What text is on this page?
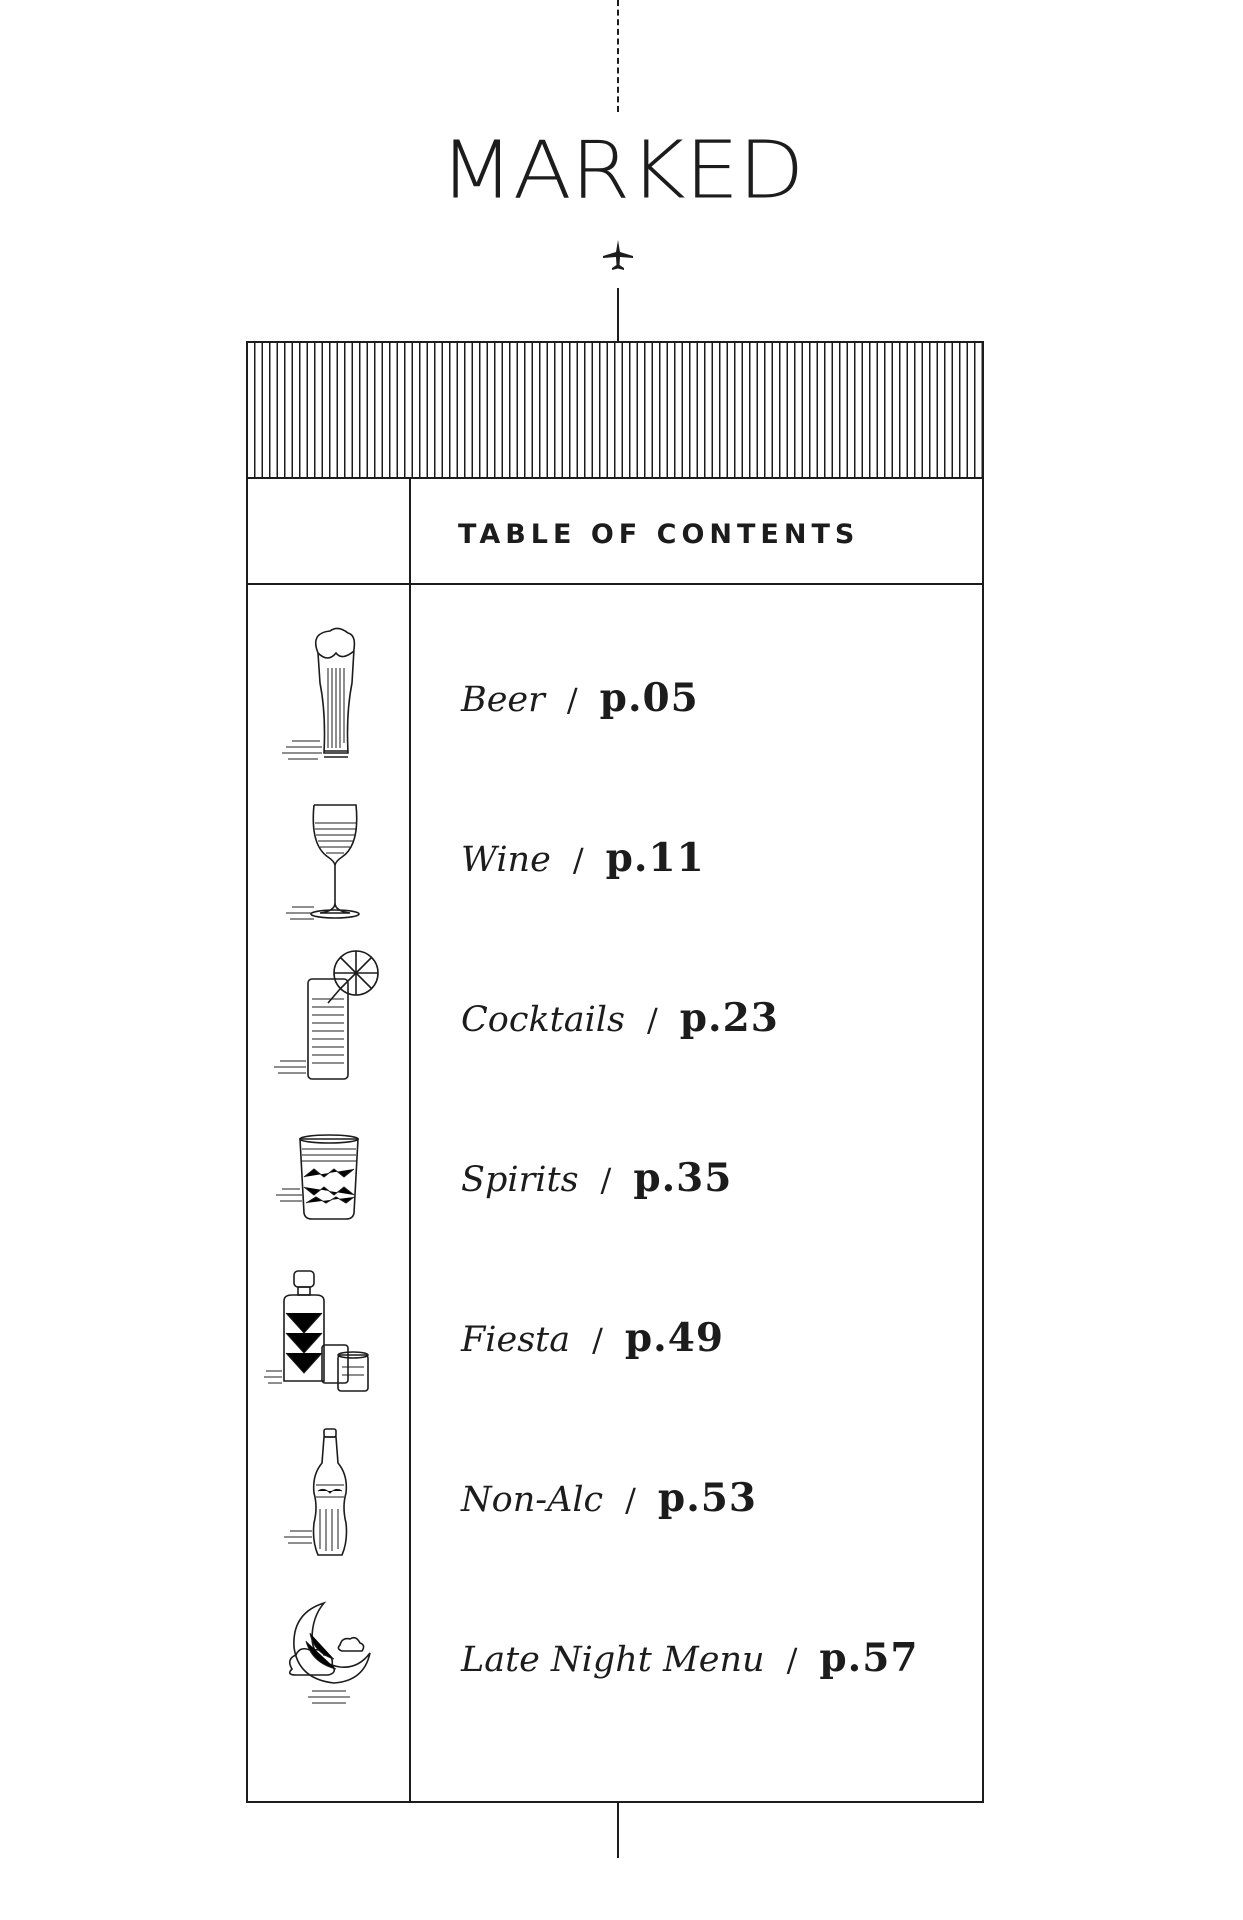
MARKED
TABLE OF CONTENTS
Beer / p.05
Wine / p.11
Cocktails / p.23
Spirits / p.35
Fiesta / p.49
Non-Alc / p.53
Late Night Menu / p.57
